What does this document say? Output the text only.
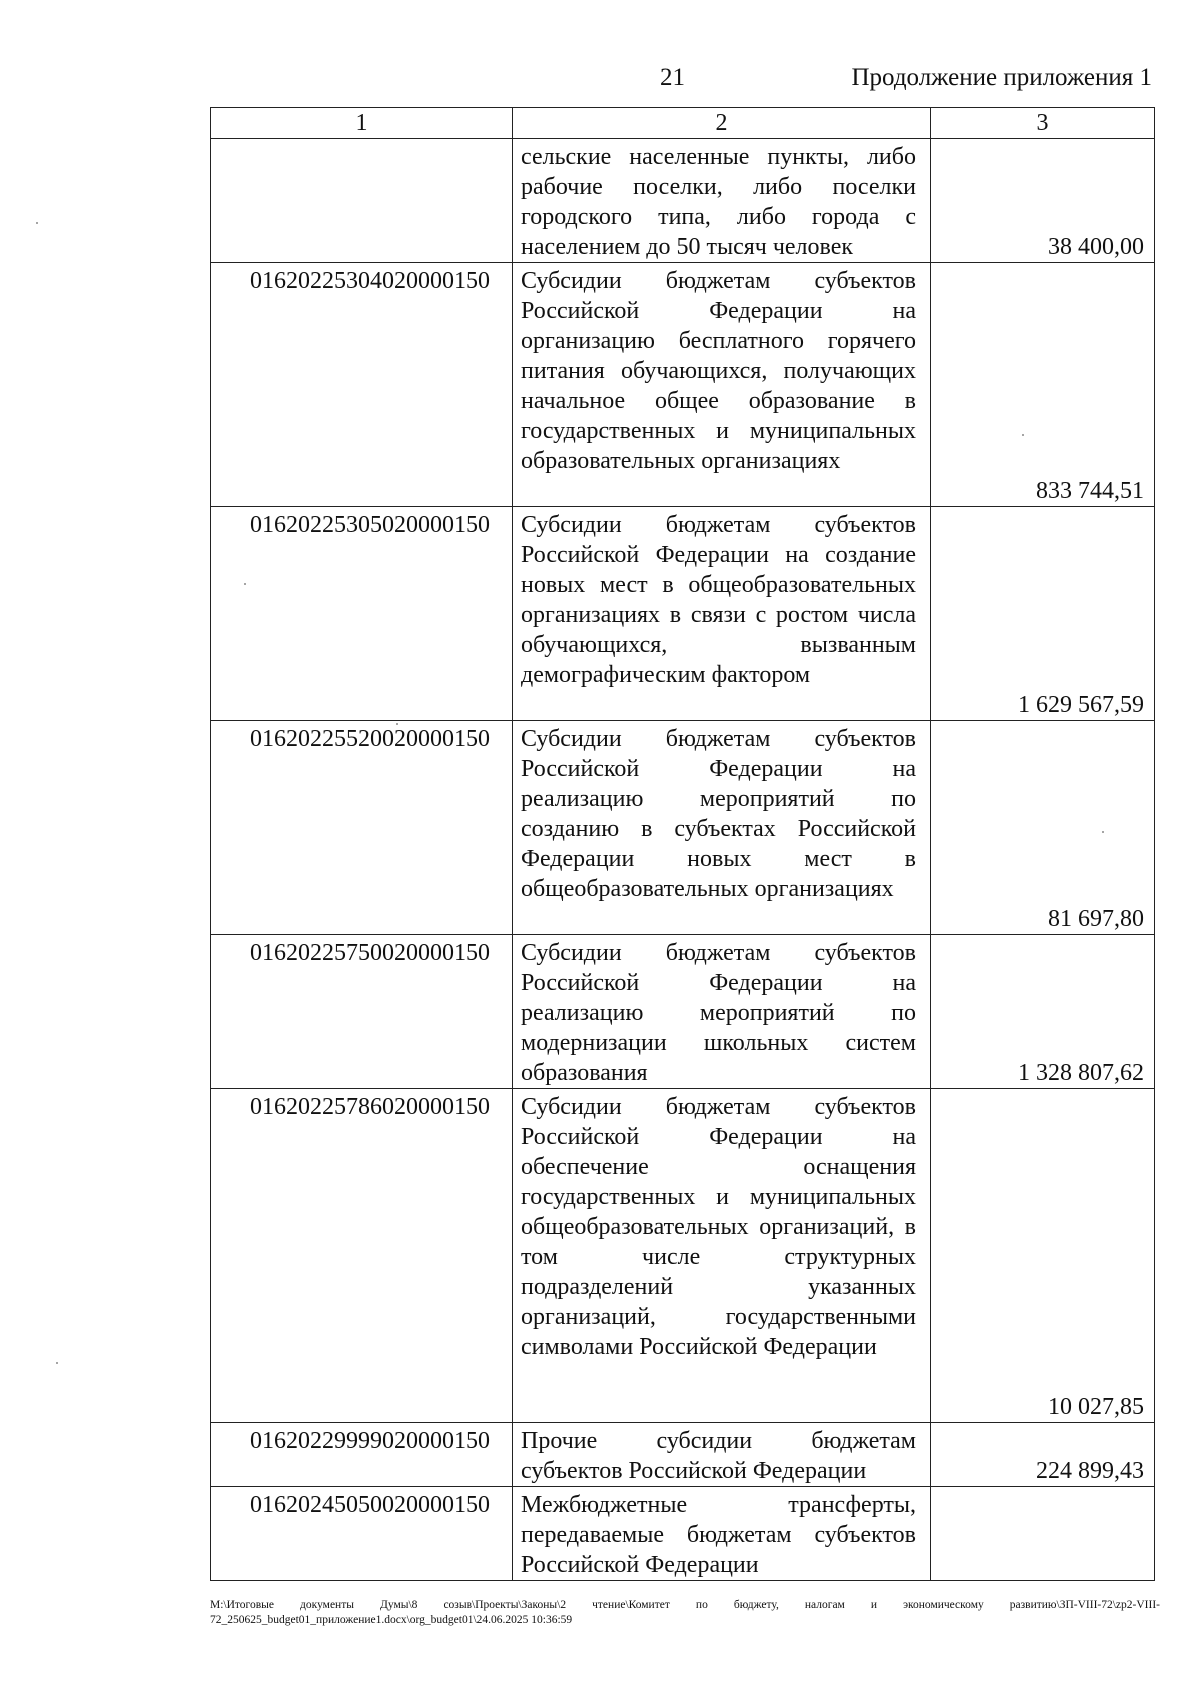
21	Продолжение приложения 1
1	2	3
	сельские населенные пункты, либо рабочие поселки, либо поселки городского типа, либо города с населением до 50 тысяч человек	38 400,00
01620225304020000150	Субсидии бюджетам субъектов Российской Федерации на организацию бесплатного горячего питания обучающихся, получающих начальное общее образование в государственных и муниципальных образовательных организациях	833 744,51
01620225305020000150	Субсидии бюджетам субъектов Российской Федерации на создание новых мест в общеобразовательных организациях в связи с ростом числа обучающихся, вызванным демографическим фактором	1 629 567,59
01620225520020000150	Субсидии бюджетам субъектов Российской Федерации на реализацию мероприятий по созданию в субъектах Российской Федерации новых мест в общеобразовательных организациях	81 697,80
01620225750020000150	Субсидии бюджетам субъектов Российской Федерации на реализацию мероприятий по модернизации школьных систем образования	1 328 807,62
01620225786020000150	Субсидии бюджетам субъектов Российской Федерации на обеспечение оснащения государственных и муниципальных общеобразовательных организаций, в том числе структурных подразделений указанных организаций, государственными символами Российской Федерации	10 027,85
01620229999020000150	Прочие субсидии бюджетам субъектов Российской Федерации	224 899,43
01620245050020000150	Межбюджетные трансферты, передаваемые бюджетам субъектов Российской Федерации	
М:\Итоговые документы Думы\8 созыв\Проекты\Законы\2 чтение\Комитет по бюджету, налогам и экономическому развитию\ЗП-VIII-72\zp2-VIII-72_250625_budget01_приложение1.docx\org_budget01\24.06.2025 10:36:59
